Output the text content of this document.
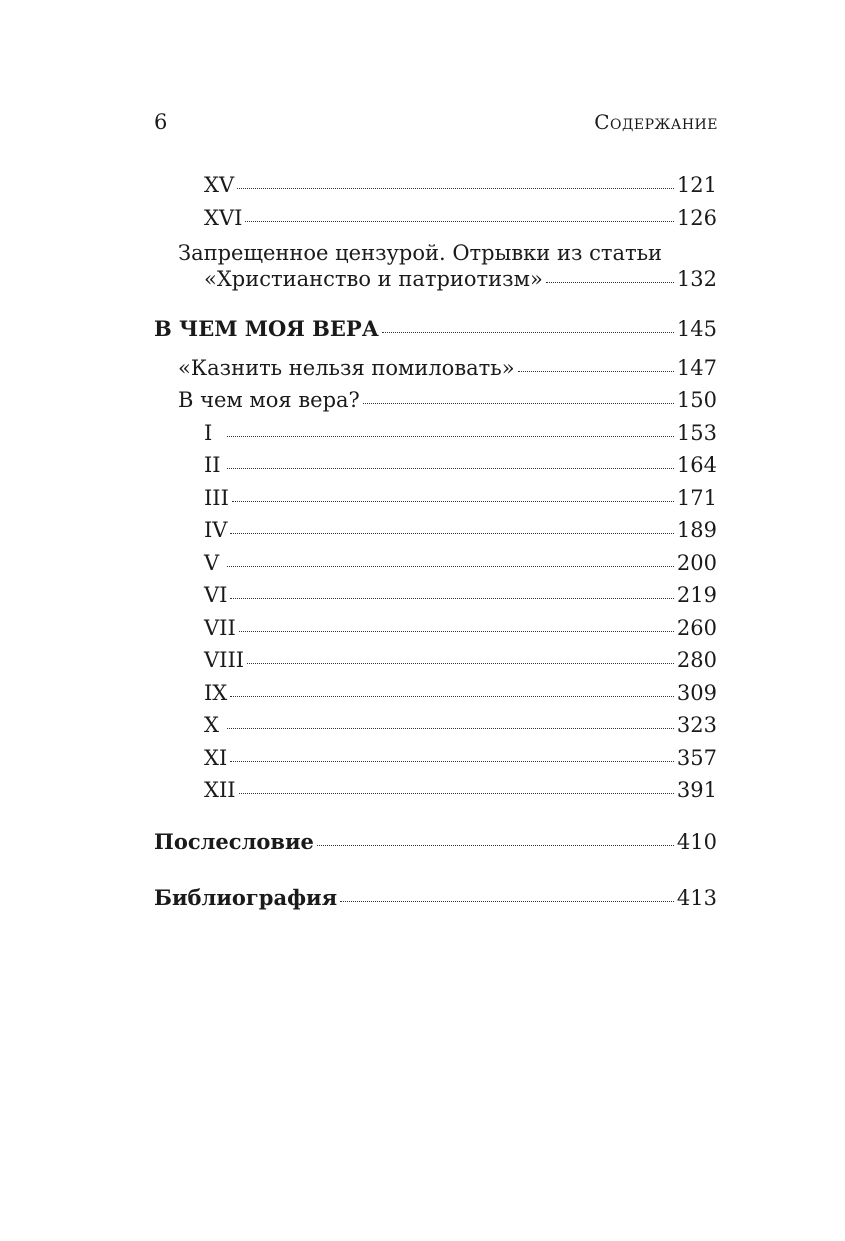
6	Содержание
XV	121
XVI	126
Запрещенное цензурой. Отрывки из статьи
«Христианство и патриотизм»	132
В ЧЕМ МОЯ ВЕРА	145
«Казнить нельзя помиловать»	147
В чем моя вера?	150
I	153
II	164
III	171
IV	189
V	200
VI	219
VII	260
VIII	280
IX	309
X	323
XI	357
XII	391
Послесловие	410
Библиография	413
